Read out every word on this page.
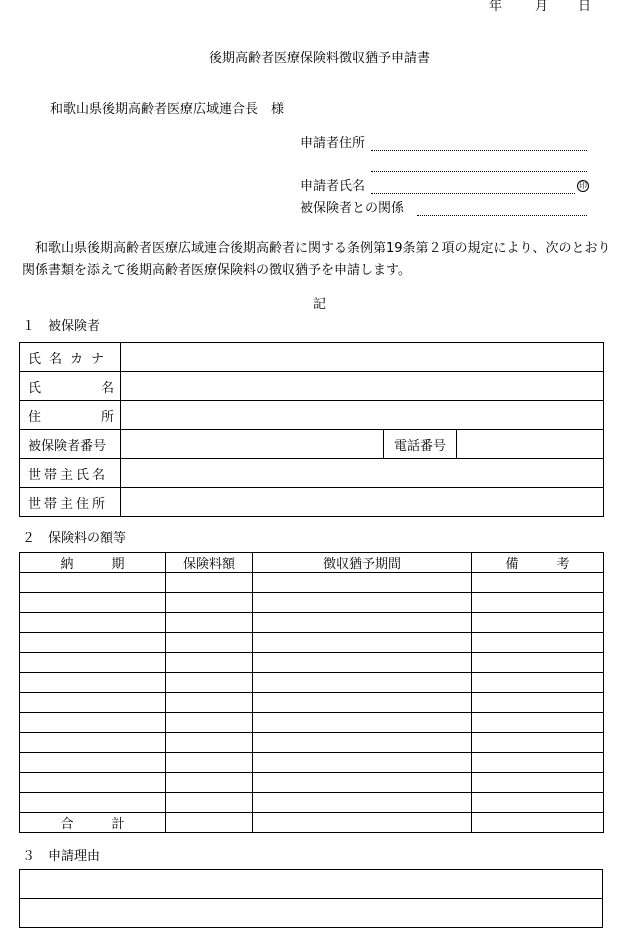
年	月 日
後期高齢者医療保険料徴収猶予申請書
和歌山県後期高齢者医療広域連合長　様
申請者住所
申請者氏名	印
被保険者との関係
　和歌山県後期高齢者医療広域連合後期高齢者に関する条例第19条第２項の規定により、次のとおり関係書類を添えて後期高齢者医療保険料の徴収猶予を申請します。
記
１　被保険者
氏名カナ			

氏 名			

住 所			

被保険者番号		電話番号	
世帯主氏名			
世帯主住所			
２　保険料の額等
納 期	保険料額	徴収猶予期間	備 考

合 計			
３　申請理由
